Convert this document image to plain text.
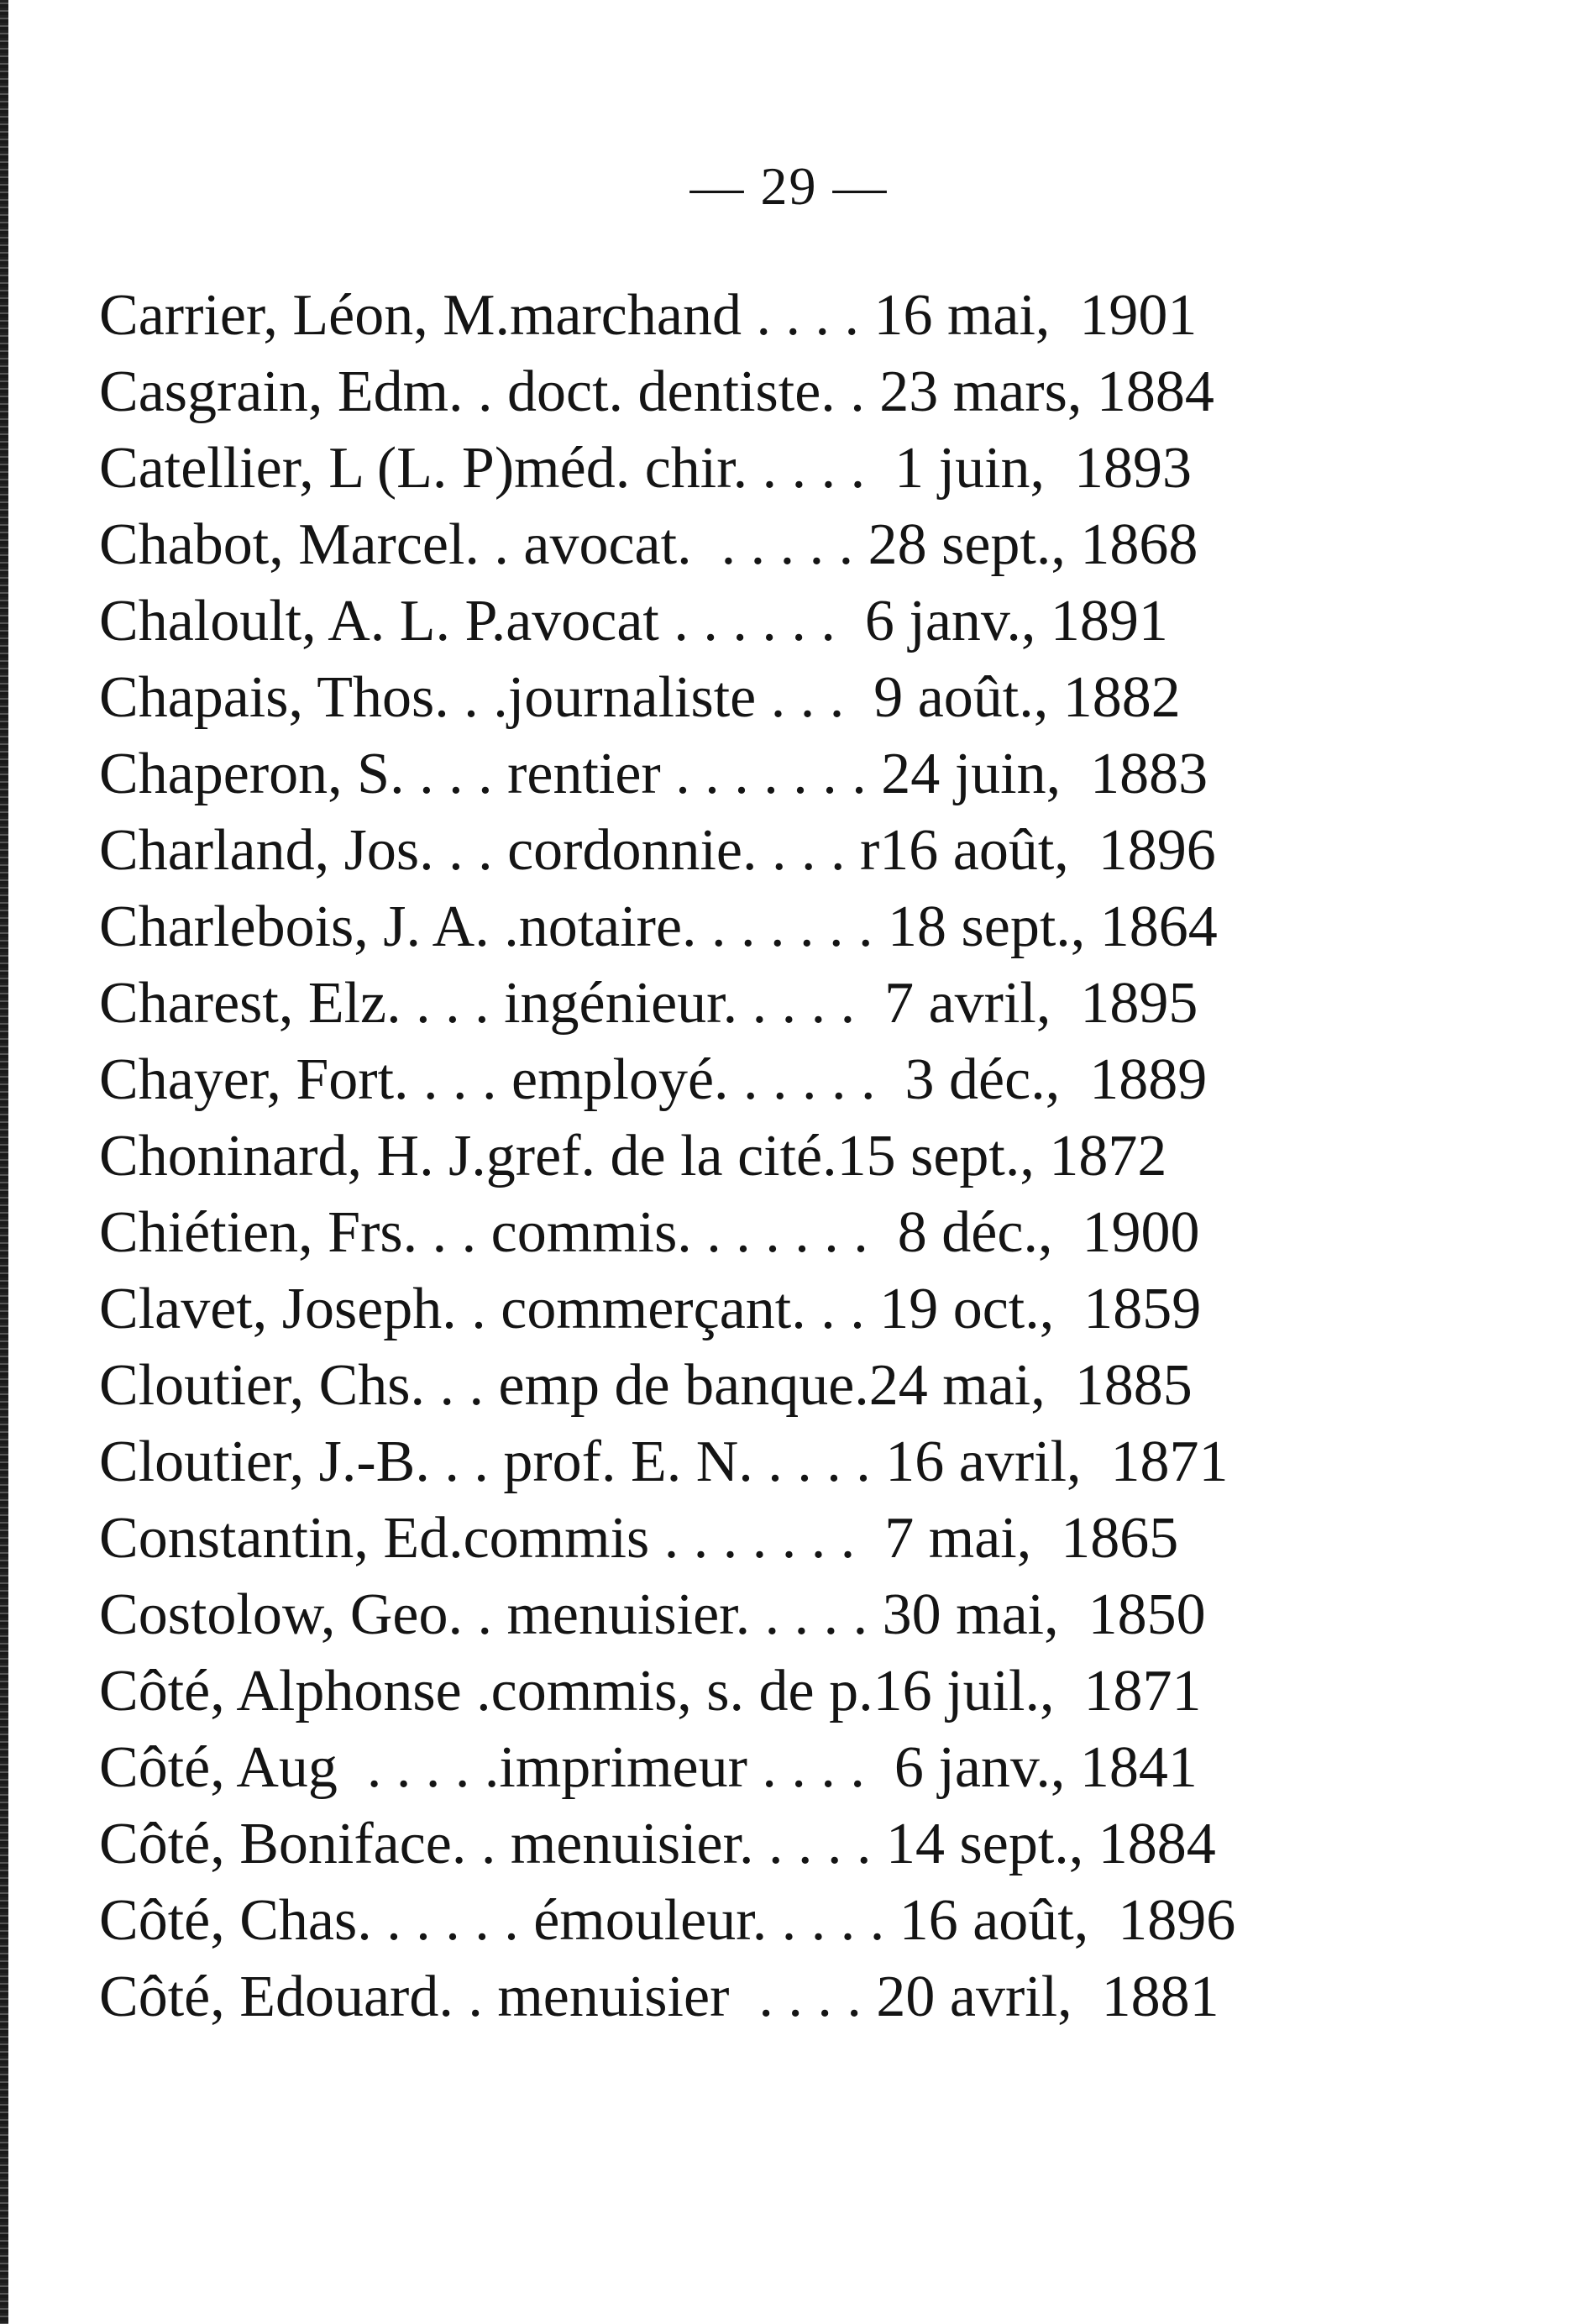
— 29 —
Carrier, Léon, M.marchand . . . . 16 mai,  1901
Casgrain, Edm. . doct. dentiste. . 23 mars, 1884
Catellier, L (L. P)méd. chir. . . . .  1 juin,  1893
Chabot, Marcel. . avocat.  . . . . . 28 sept., 1868
Chaloult, A. L. P.avocat . . . . . .  6 janv., 1891
Chapais, Thos. . .journaliste . . .  9 août., 1882
Chaperon, S. . . . rentier . . . . . . . 24 juin,  1883
Charland, Jos. . . cordonnie. . . . r16 août,  1896
Charlebois, J. A. .notaire. . . . . . . 18 sept., 1864
Charest, Elz. . . . ingénieur. . . . .  7 avril,  1895
Chayer, Fort. . . . employé. . . . . .  3 déc.,  1889
Choninard, H. J.gref. de la cité.15 sept., 1872
Chiétien, Frs. . . commis. . . . . . .  8 déc.,  1900
Clavet, Joseph. . commerçant. . . 19 oct.,  1859
Cloutier, Chs. . . emp de banque.24 mai,  1885
Cloutier, J.-B. . . prof. E. N. . . . . 16 avril,  1871
Constantin, Ed.commis . . . . . . .  7 mai,  1865
Costolow, Geo. . menuisier. . . . . 30 mai,  1850
Côté, Alphonse .commis, s. de p.16 juil.,  1871
Côté, Aug  . . . . .imprimeur . . . .  6 janv., 1841
Côté, Boniface. . menuisier. . . . . 14 sept., 1884
Côté, Chas. . . . . . émouleur. . . . . 16 août,  1896
Côté, Edouard. . menuisier  . . . . 20 avril,  1881
